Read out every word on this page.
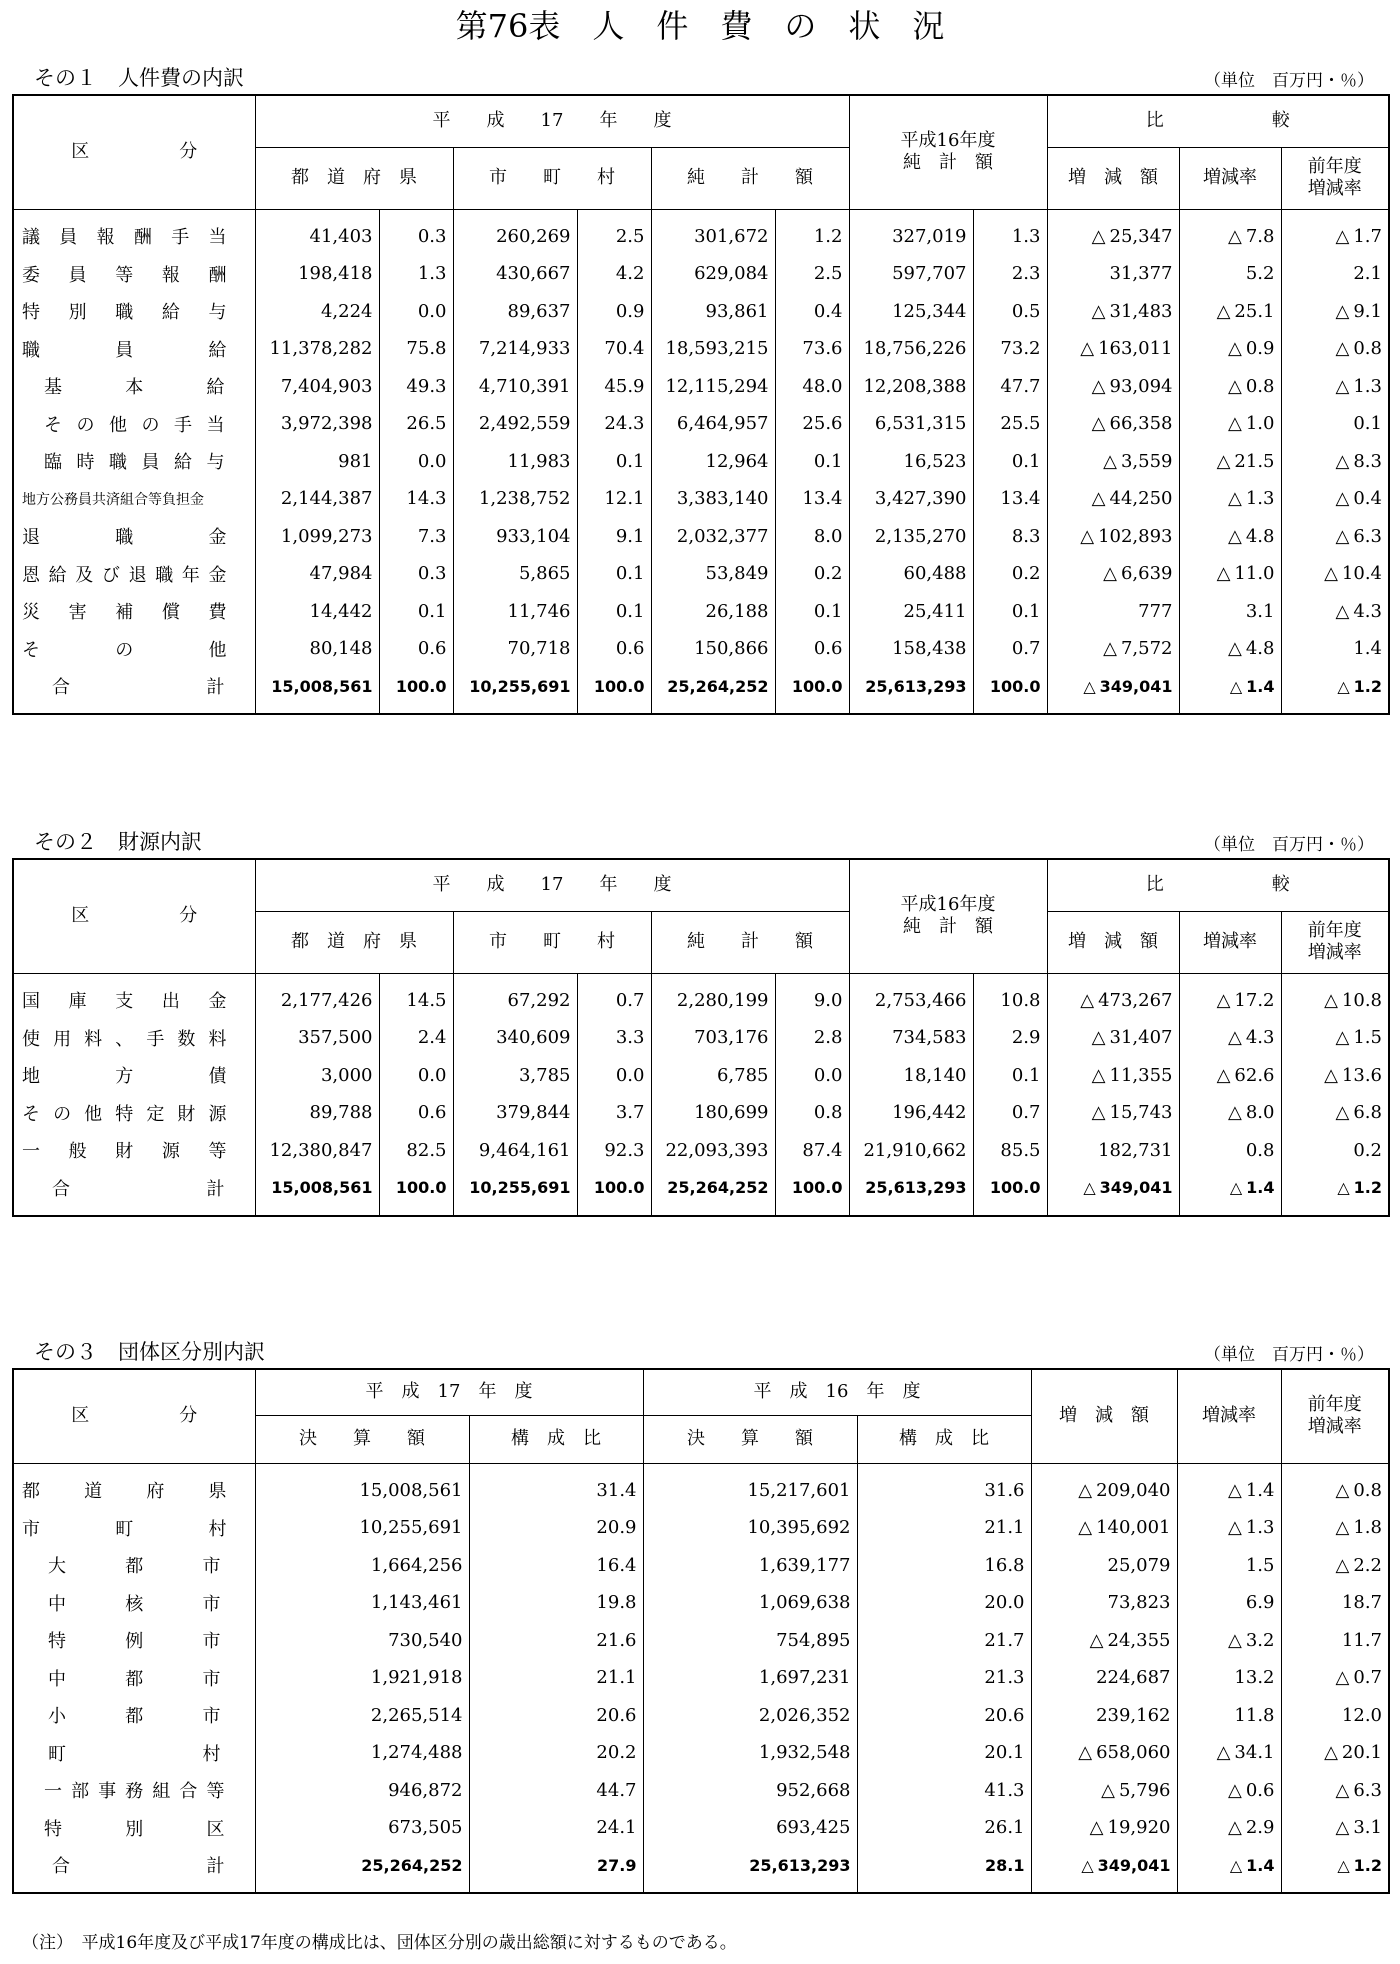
第76表　人　件　費　の　状　況
その１　人件費の内訳	（単位　百万円・％）
区　　　　　分	平　　成　　17　　年　　度						平成16年度
純　計　額		比　　　　　　較		
	都　道　府　県		市　　町　　村		純　　計　　額				増　減　額	増減率	前年度
増減率

議員報酬手当	41,403	0.3	260,269	2.5	301,672	1.2	327,019	1.3	△ 25,347	△ 7.8	△ 1.7
委員等報酬	198,418	1.3	430,667	4.2	629,084	2.5	597,707	2.3	31,377	5.2	2.1
特別職給与	4,224	0.0	89,637	0.9	93,861	0.4	125,344	0.5	△ 31,483	△ 25.1	△ 9.1
職員給	11,378,282	75.8	7,214,933	70.4	18,593,215	73.6	18,756,226	73.2	△ 163,011	△ 0.9	△ 0.8
基本給	7,404,903	49.3	4,710,391	45.9	12,115,294	48.0	12,208,388	47.7	△ 93,094	△ 0.8	△ 1.3
その他の手当	3,972,398	26.5	2,492,559	24.3	6,464,957	25.6	6,531,315	25.5	△ 66,358	△ 1.0	0.1
臨時職員給与	981	0.0	11,983	0.1	12,964	0.1	16,523	0.1	△ 3,559	△ 21.5	△ 8.3
地方公務員共済組合等負担金	2,144,387	14.3	1,238,752	12.1	3,383,140	13.4	3,427,390	13.4	△ 44,250	△ 1.3	△ 0.4
退職金	1,099,273	7.3	933,104	9.1	2,032,377	8.0	2,135,270	8.3	△ 102,893	△ 4.8	△ 6.3
恩給及び退職年金	47,984	0.3	5,865	0.1	53,849	0.2	60,488	0.2	△ 6,639	△ 11.0	△ 10.4
災害補償費	14,442	0.1	11,746	0.1	26,188	0.1	25,411	0.1	777	3.1	△ 4.3
その他	80,148	0.6	70,718	0.6	150,866	0.6	158,438	0.7	△ 7,572	△ 4.8	1.4
合計	15,008,561	100.0	10,255,691	100.0	25,264,252	100.0	25,613,293	100.0	△ 349,041	△ 1.4	△ 1.2
その２　財源内訳	（単位　百万円・％）
区　　　　　分	平　　成　　17　　年　　度						平成16年度
純　計　額		比　　　　　　較		
	都　道　府　県		市　　町　　村		純　　計　　額				増　減　額	増減率	前年度
増減率

国庫支出金	2,177,426	14.5	67,292	0.7	2,280,199	9.0	2,753,466	10.8	△ 473,267	△ 17.2	△ 10.8
使用料、手数料	357,500	2.4	340,609	3.3	703,176	2.8	734,583	2.9	△ 31,407	△ 4.3	△ 1.5
地方債	3,000	0.0	3,785	0.0	6,785	0.0	18,140	0.1	△ 11,355	△ 62.6	△ 13.6
その他特定財源	89,788	0.6	379,844	3.7	180,699	0.8	196,442	0.7	△ 15,743	△ 8.0	△ 6.8
一般財源等	12,380,847	82.5	9,464,161	92.3	22,093,393	87.4	21,910,662	85.5	182,731	0.8	0.2
合計	15,008,561	100.0	10,255,691	100.0	25,264,252	100.0	25,613,293	100.0	△ 349,041	△ 1.4	△ 1.2
その３　団体区分別内訳	（単位　百万円・％）
区　　　　　分	平　成　17　年　度		平　成　16　年　度		増　減　額	増減率	前年度
増減率

	決　　算　　額	構　成　比	決　　算　　額	構　成　比			
都道府県	15,008,561	31.4	15,217,601	31.6	△ 209,040	△ 1.4	△ 0.8
市町村	10,255,691	20.9	10,395,692	21.1	△ 140,001	△ 1.3	△ 1.8
大都市	1,664,256	16.4	1,639,177	16.8	25,079	1.5	△ 2.2
中核市	1,143,461	19.8	1,069,638	20.0	73,823	6.9	18.7
特例市	730,540	21.6	754,895	21.7	△ 24,355	△ 3.2	11.7
中都市	1,921,918	21.1	1,697,231	21.3	224,687	13.2	△ 0.7
小都市	2,265,514	20.6	2,026,352	20.6	239,162	11.8	12.0
町村	1,274,488	20.2	1,932,548	20.1	△ 658,060	△ 34.1	△ 20.1
一部事務組合等	946,872	44.7	952,668	41.3	△ 5,796	△ 0.6	△ 6.3
特別区	673,505	24.1	693,425	26.1	△ 19,920	△ 2.9	△ 3.1
合計	25,264,252	27.9	25,613,293	28.1	△ 349,041	△ 1.4	△ 1.2
（注）　平成16年度及び平成17年度の構成比は、団体区分別の歳出総額に対するものである。
